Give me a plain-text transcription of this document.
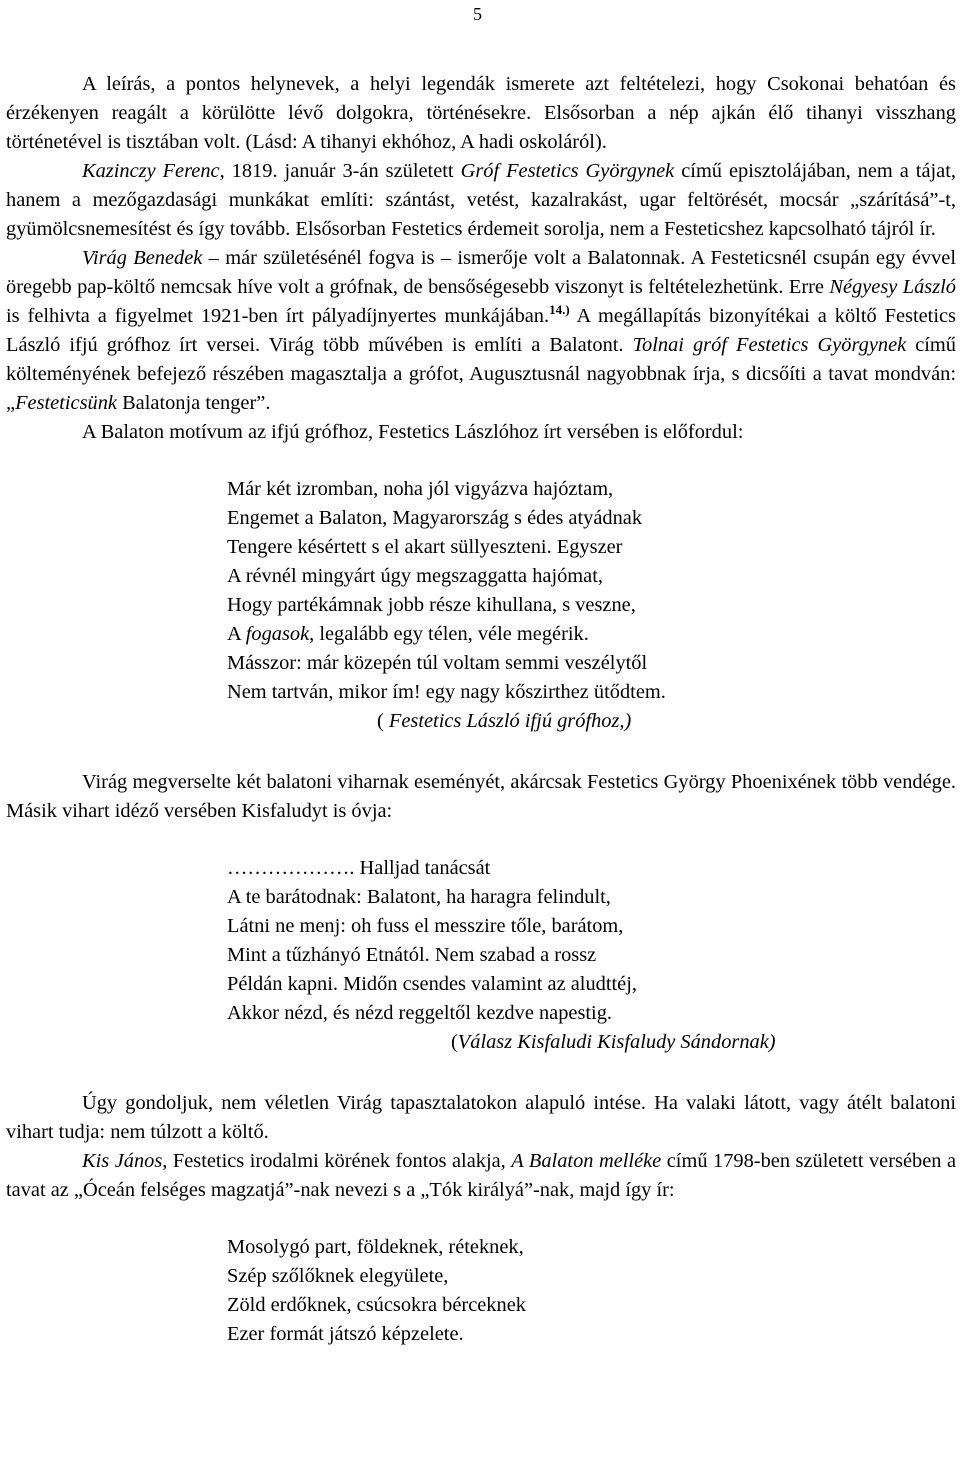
5

A leírás, a pontos helynevek, a helyi legendák ismerete azt feltételezi, hogy Csokonai behatóan és érzékenyen reagált a körülötte lévő dolgokra, történésekre. Elsősorban a nép ajkán élő tihanyi visszhang történetével is tisztában volt. (Lásd: A tihanyi ekhóhoz, A hadi oskoláról).

Kazinczy Ferenc, 1819. január 3-án született Gróf Festetics Györgynek című episztolájában, nem a tájat, hanem a mezőgazdasági munkákat említi: szántást, vetést, kazalrakást, ugar feltörését, mocsár „szárításá”-t, gyümölcsnemesítést és így tovább. Elsősorban Festetics érdemeit sorolja, nem a Festeticshez kapcsolható tájról ír.

Virág Benedek – már születésénél fogva is – ismerője volt a Balatonnak. A Festeticsnél csupán egy évvel öregebb pap-költő nemcsak híve volt a grófnak, de bensőségesebb viszonyt is feltételezhetünk. Erre Négyesy László is felhivta a figyelmet 1921-ben írt pályadíjnyertes munkájában.$^{14.)}$ A megállapítás bizonyítékai a költő Festetics László ifjú grófhoz írt versei. Virág több művében is említi a Balatont. Tolnai gróf Festetics Györgynek című költeményének befejező részében magasztalja a grófot, Augusztusnál nagyobbnak írja, s dicsőíti a tavat mondván: „Festeticsünk Balatonja tenger”.

A Balaton motívum az ifjú grófhoz, Festetics Lászlóhoz írt versében is előfordul:

Már két izromban, noha jól vigyázva hajóztam,
Engemet a Balaton, Magyarország s édes atyádnak
Tengere késértett s el akart süllyeszteni. Egyszer
A révnél mingyárt úgy megszaggatta hajómat,
Hogy partékámnak jobb része kihullana, s veszne,
A fogasok, legalább egy télen, véle megérik.
Másszor: már közepén túl voltam semmi veszélytől
Nem tartván, mikor ím! egy nagy kőszirthez ütődtem.
( Festetics László ifjú grófhoz,)

Virág megverselte két balatoni viharnak eseményét, akárcsak Festetics György Phoenixének több vendége. Másik vihart idéző versében Kisfaludyt is óvja:

………………. Halljad tanácsát
A te barátodnak: Balatont, ha haragra felindult,
Látni ne menj: oh fuss el messzire tőle, barátom,
Mint a tűzhányó Etnától. Nem szabad a rossz
Példán kapni. Midőn csendes valamint az aludttéj,
Akkor nézd, és nézd reggeltől kezdve napestig.
(Válasz Kisfaludi Kisfaludy Sándornak)

Úgy gondoljuk, nem véletlen Virág tapasztalatokon alapuló intése. Ha valaki látott, vagy átélt balatoni vihart tudja: nem túlzott a költő.

Kis János, Festetics irodalmi körének fontos alakja, A Balaton melléke című 1798-ben született versében a tavat az „Óceán felséges magzatjá”-nak nevezi s a „Tók királyá”-nak, majd így ír:

Mosolygó part, földeknek, réteknek,
Szép szőlőknek elegyülete,
Zöld erdőknek, csúcsokra bérceknek
Ezer formát játszó képzelete.
